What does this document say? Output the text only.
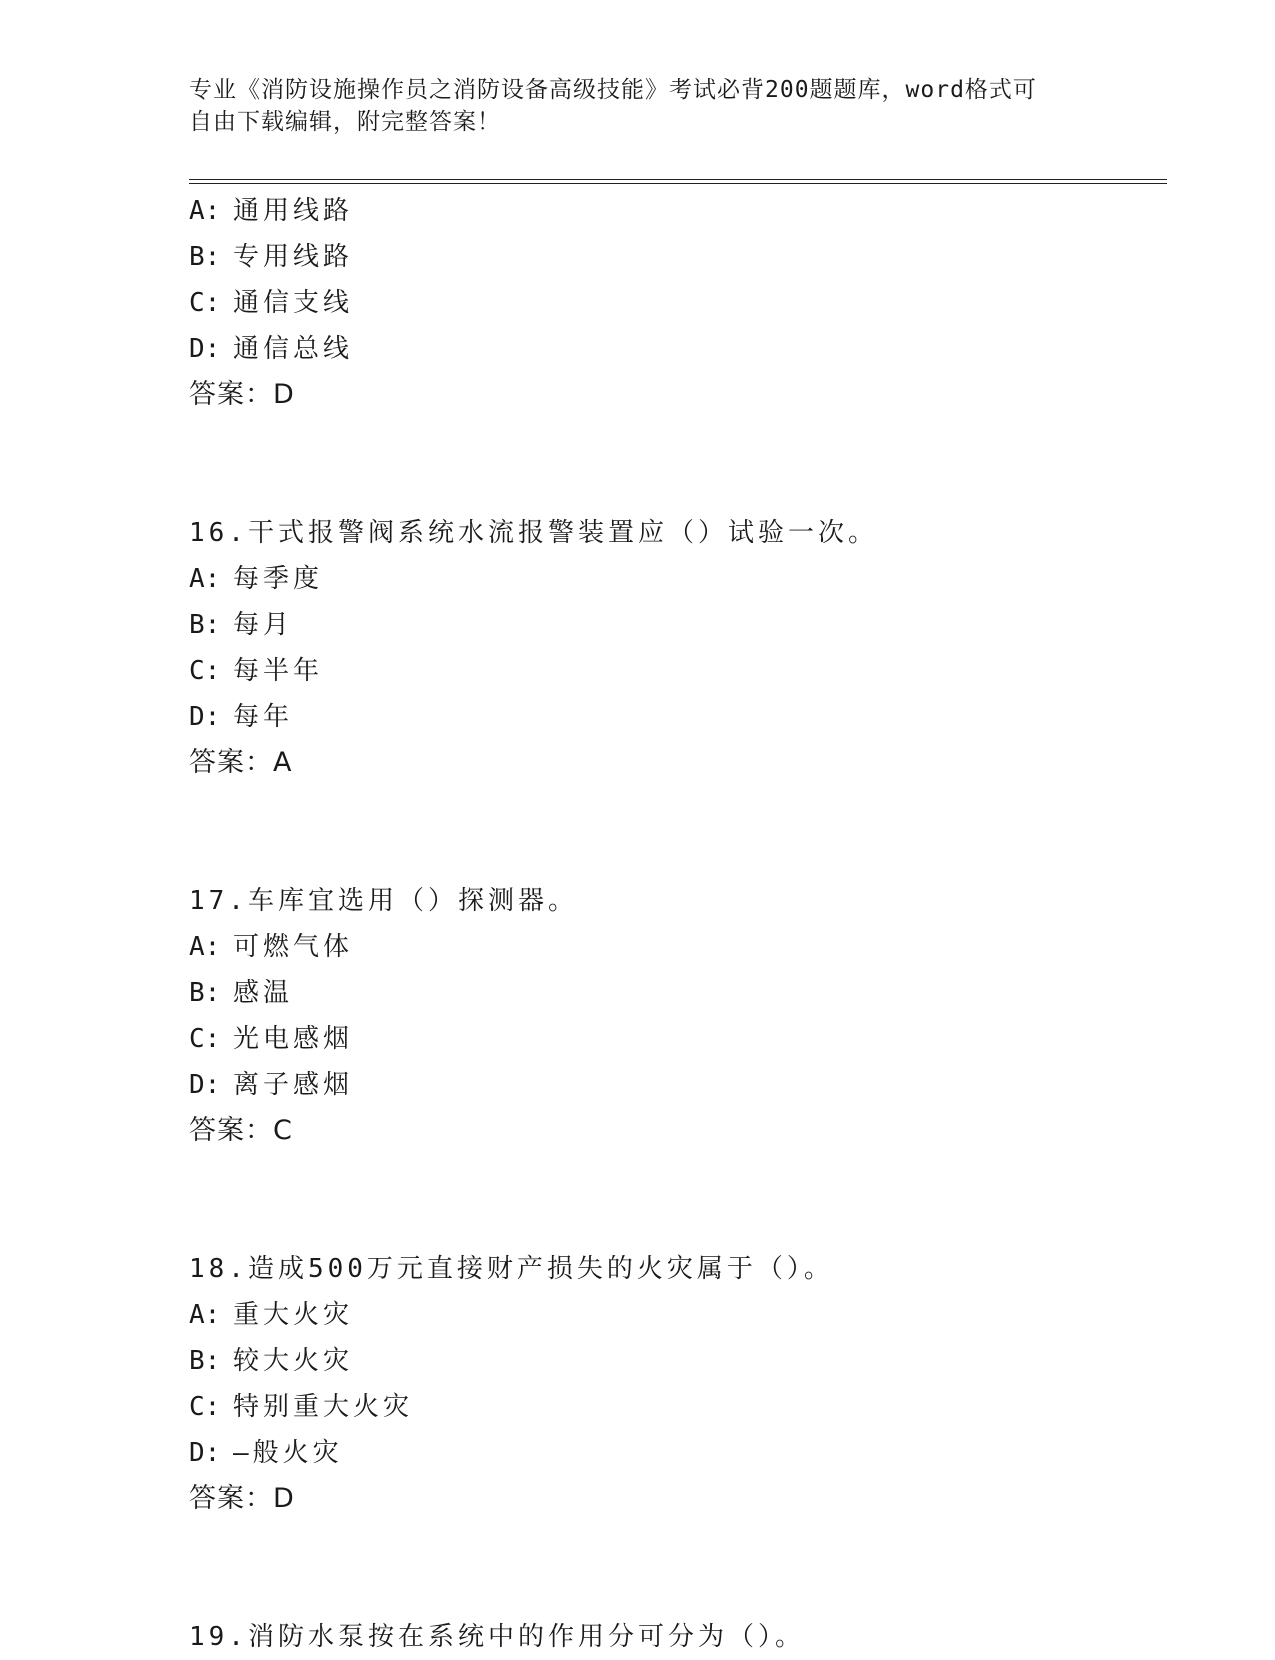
专业《消防设施操作员之消防设备高级技能》考试必背200题题库，word格式可
自由下载编辑，附完整答案！
A: 通用线路
B: 专用线路
C: 通信支线
D: 通信总线
答案：D
16.干式报警阀系统水流报警装置应（）试验一次。
A: 每季度
B: 每月
C: 每半年
D: 每年
答案：A
17.车库宜选用（）探测器。
A: 可燃气体
B: 感温
C: 光电感烟
D: 离子感烟
答案：C
18.造成500万元直接财产损失的火灾属于（）。
A: 重大火灾
B: 较大火灾
C: 特别重大火灾
D: —般火灾
答案：D
19.消防水泵按在系统中的作用分可分为（）。
